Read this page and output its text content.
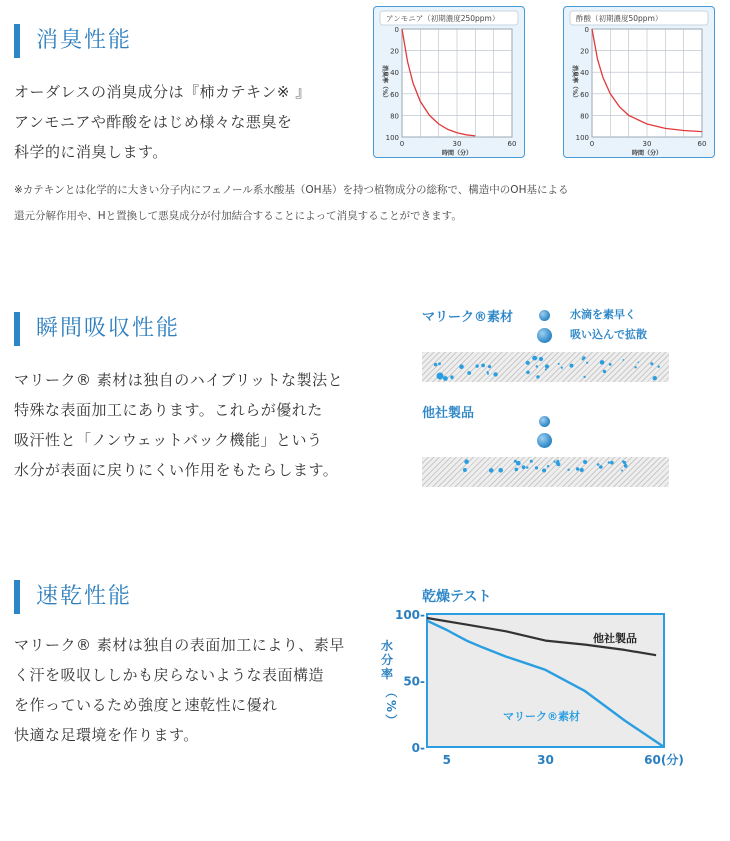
消臭性能
オーダレスの消臭成分は『柿カテキン※ 』
アンモニアや酢酸をはじめ様々な悪臭を
科学的に消臭します。
アンモニア（初期濃度250ppm）
0
20
40
60
80
100
0	30	60
時間（分）
消臭率（%）
酢酸（初期濃度50ppm）
0
20
40
60
80
100
0	30	60
時間（分）
消臭率（%）
※カテキンとは化学的に大きい分子内にフェノール系水酸基（OH基）を持つ植物成分の総称で、構造中のOH基による
還元分解作用や、Hと置換して悪臭成分が付加結合することによって消臭することができます。
瞬間吸収性能
マリーク® 素材は独自のハイブリットな製法と
特殊な表面加工にあります。これらが優れた
吸汗性と「ノンウェットバック機能」という
水分が表面に戻りにくい作用をもたらします。
マリーク®素材	水滴を素早く
吸い込んで拡散
他社製品
速乾性能
マリーク® 素材は独自の表面加工により、素早
く汗を吸収ししかも戻らないような表面構造
を作っているため強度と速乾性に優れ
快適な足環境を作ります。
乾燥テスト
100-
50-
0-
5	30	60(分)
水
分
率
（
%
）
他社製品
マリーク®素材
